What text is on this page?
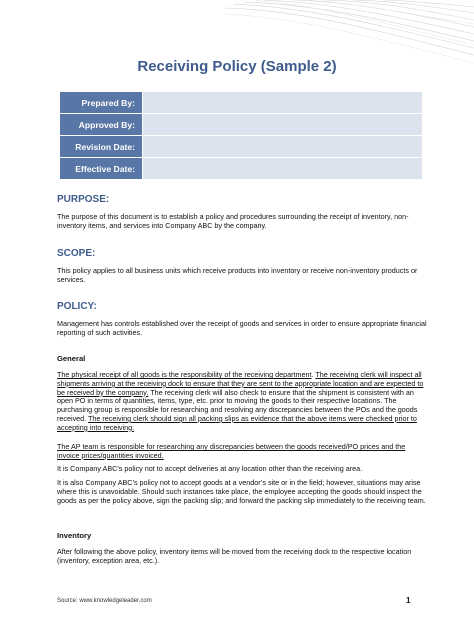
Receiving Policy (Sample 2)
Prepared By:	
Approved By:	
Revision Date:	
Effective Date:	
PURPOSE:
The purpose of this document is to establish a policy and procedures surrounding the receipt of inventory, non-inventory items, and services into Company ABC by the company.
SCOPE:
This policy applies to all business units which receive products into inventory or receive non-inventory products or services.
POLICY:
Management has controls established over the receipt of goods and services in order to ensure appropriate financial reporting of such activities.
General
The physical receipt of all goods is the responsibility of the receiving department. The receiving clerk will inspect all shipments arriving at the receiving dock to ensure that they are sent to the appropriate location and are expected to be received by the company. The receiving clerk will also check to ensure that the shipment is consistent with an open PO in terms of quantities, items, type, etc. prior to moving the goods to their respective locations. The purchasing group is responsible for researching and resolving any discrepancies between the POs and the goods received. The receiving clerk should sign all packing slips as evidence that the above items were checked prior to accepting into receiving.
The AP team is responsible for researching any discrepancies between the goods received/PO prices and the invoice prices/quantities invoiced.
It is Company ABC’s policy not to accept deliveries at any location other than the receiving area.
It is also Company ABC’s policy not to accept goods at a vendor’s site or in the field; however, situations may arise where this is unavoidable. Should such instances take place, the employee accepting the goods should inspect the goods as per the policy above, sign the packing slip; and forward the packing slip immediately to the receiving team.
Inventory
After following the above policy, inventory items will be moved from the receiving dock to the respective location (inventory, exception area, etc.).
Source: www.knowledgeleader.com	1
